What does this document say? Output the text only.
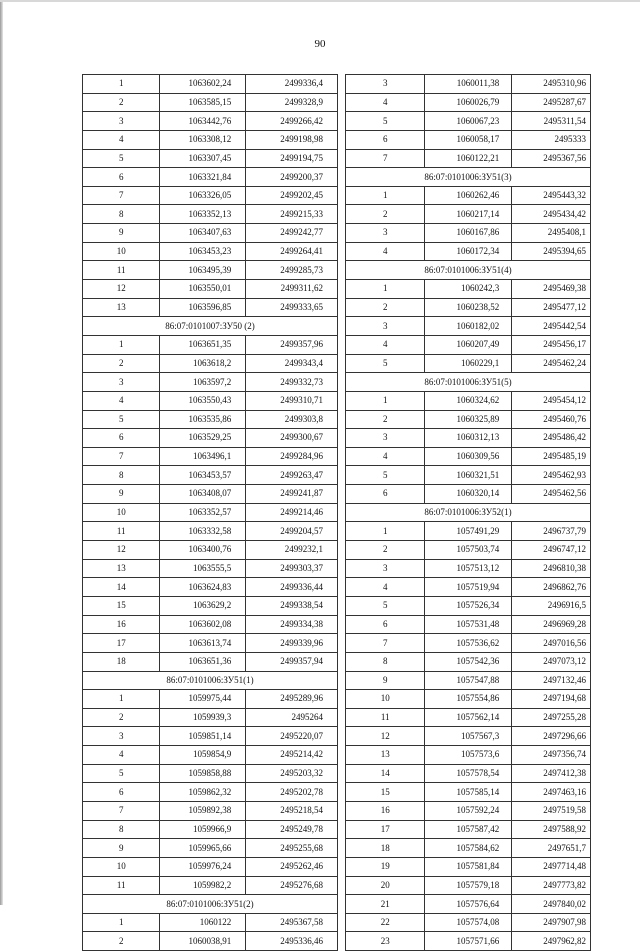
90
1	1063602,24	2499336,4
2	1063585,15	2499328,9
3	1063442,76	2499266,42
4	1063308,12	2499198,98
5	1063307,45	2499194,75
6	1063321,84	2499200,37
7	1063326,05	2499202,45
8	1063352,13	2499215,33
9	1063407,63	2499242,77
10	1063453,23	2499264,41
11	1063495,39	2499285,73
12	1063550,01	2499311,62
13	1063596,85	2499333,65
86:07:0101007:ЗУ50 (2)		
1	1063651,35	2499357,96
2	1063618,2	2499343,4
3	1063597,2	2499332,73
4	1063550,43	2499310,71
5	1063535,86	2499303,8
6	1063529,25	2499300,67
7	1063496,1	2499284,96
8	1063453,57	2499263,47
9	1063408,07	2499241,87
10	1063352,57	2499214,46
11	1063332,58	2499204,57
12	1063400,76	2499232,1
13	1063555,5	2499303,37
14	1063624,83	2499336,44
15	1063629,2	2499338,54
16	1063602,08	2499334,38
17	1063613,74	2499339,96
18	1063651,36	2499357,94
86:07:0101006:ЗУ51(1)		
1	1059975,44	2495289,96
2	1059939,3	2495264
3	1059851,14	2495220,07
4	1059854,9	2495214,42
5	1059858,88	2495203,32
6	1059862,32	2495202,78
7	1059892,38	2495218,54
8	1059966,9	2495249,78
9	1059965,66	2495255,68
10	1059976,24	2495262,46
11	1059982,2	2495276,68
86:07:0101006:ЗУ51(2)		
1	1060122	2495367,58
2	1060038,91	2495336,46
3	1060011,38	2495310,96
4	1060026,79	2495287,67
5	1060067,23	2495311,54
6	1060058,17	2495333
7	1060122,21	2495367,56
86:07:0101006:ЗУ51(3)		
1	1060262,46	2495443,32
2	1060217,14	2495434,42
3	1060167,86	2495408,1
4	1060172,34	2495394,65
86:07:0101006:ЗУ51(4)		
1	1060242,3	2495469,38
2	1060238,52	2495477,12
3	1060182,02	2495442,54
4	1060207,49	2495456,17
5	1060229,1	2495462,24
86:07:0101006:ЗУ51(5)		
1	1060324,62	2495454,12
2	1060325,89	2495460,76
3	1060312,13	2495486,42
4	1060309,56	2495485,19
5	1060321,51	2495462,93
6	1060320,14	2495462,56
86:07:0101006:ЗУ52(1)		
1	1057491,29	2496737,79
2	1057503,74	2496747,12
3	1057513,12	2496810,38
4	1057519,94	2496862,76
5	1057526,34	2496916,5
6	1057531,48	2496969,28
7	1057536,62	2497016,56
8	1057542,36	2497073,12
9	1057547,88	2497132,46
10	1057554,86	2497194,68
11	1057562,14	2497255,28
12	1057567,3	2497296,66
13	1057573,6	2497356,74
14	1057578,54	2497412,38
15	1057585,14	2497463,16
16	1057592,24	2497519,58
17	1057587,42	2497588,92
18	1057584,62	2497651,7
19	1057581,84	2497714,48
20	1057579,18	2497773,82
21	1057576,64	2497840,02
22	1057574,08	2497907,98
23	1057571,66	2497962,82
